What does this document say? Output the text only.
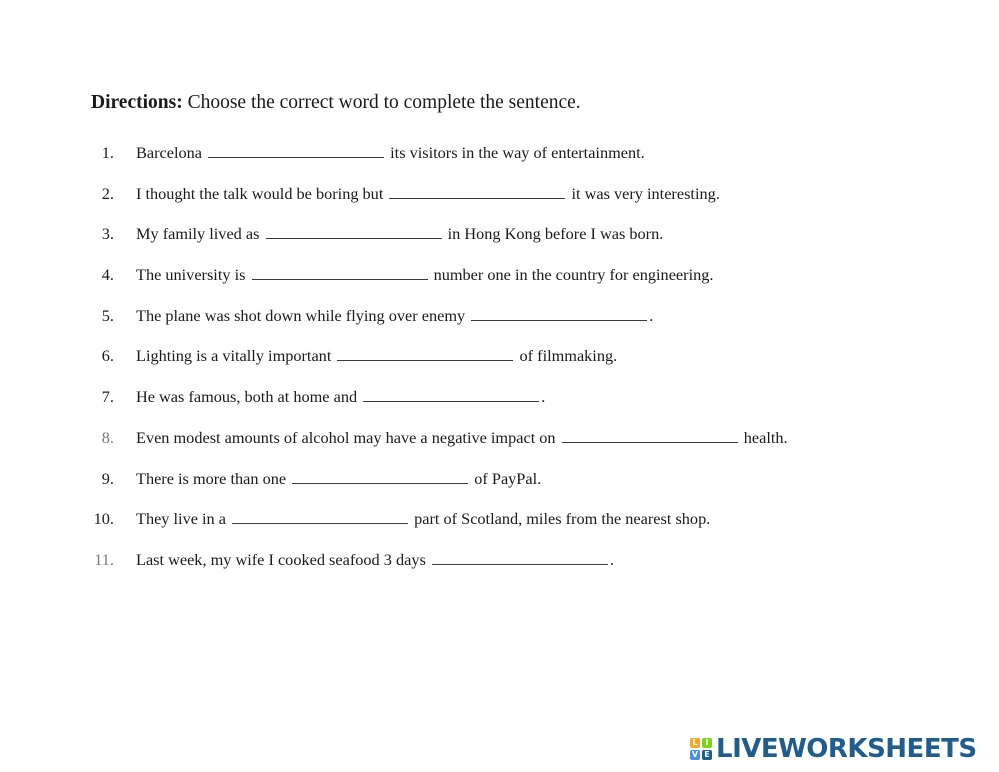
Directions: Choose the correct word to complete the sentence.
1. Barcelona	its visitors in the way of entertainment.
2. I thought the talk would be boring but	it was very interesting.
3. My family lived as	in Hong Kong before I was born.
4. The university is	number one in the country for engineering.
5. The plane was shot down while flying over enemy	.
6. Lighting is a vitally important	of filmmaking.
7. He was famous, both at home and	.
8. Even modest amounts of alcohol may have a negative impact on	health.
9. There is more than one	of PayPal.
10. They live in a	part of Scotland, miles from the nearest shop.
11. Last week, my wife I cooked seafood 3 days	.
L I
V E LIVEWORKSHEETS
